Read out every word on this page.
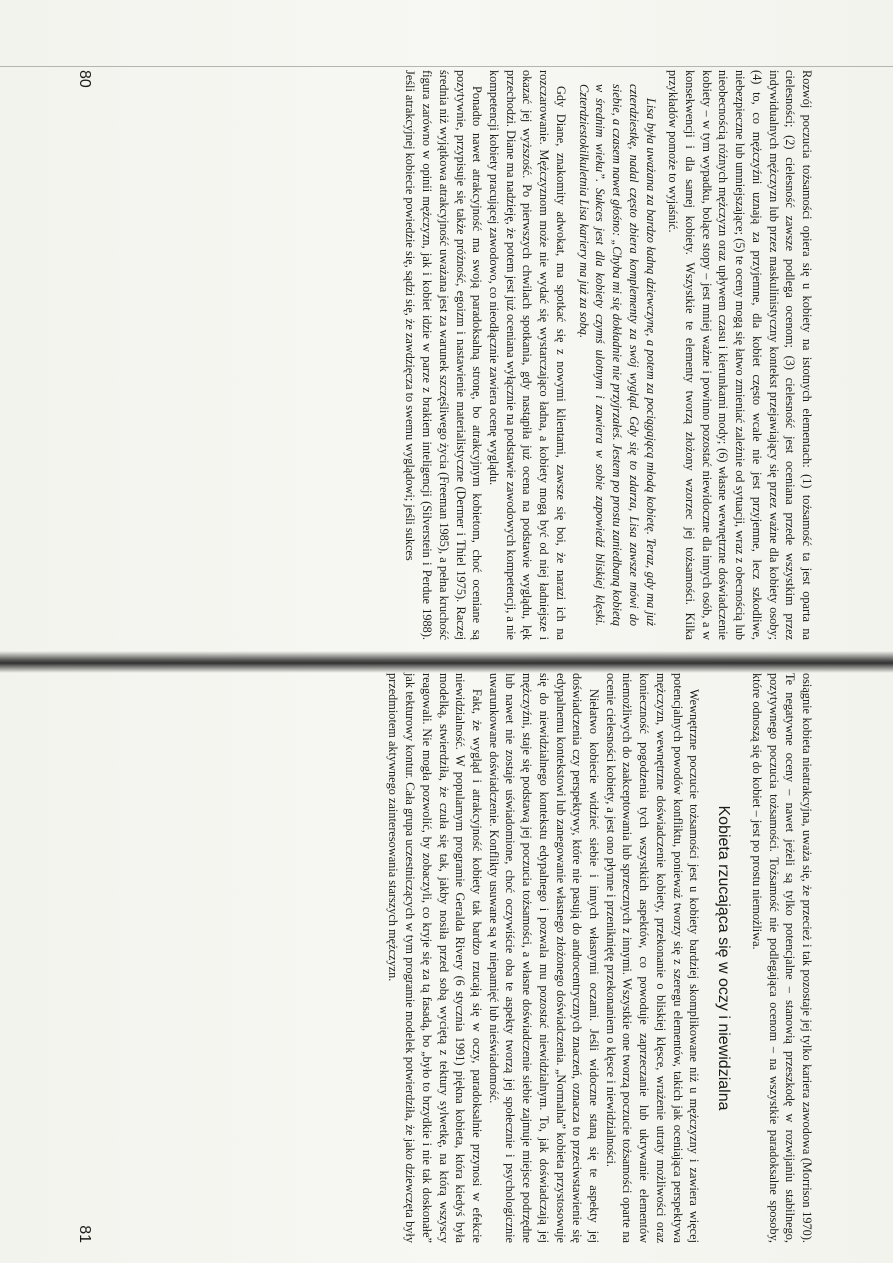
Rozwój poczucia tożsamości opiera się u kobiety na istotnych elementach: (1) tożsamość ta jest oparta na cielesności; (2) cielesność zawsze podlega ocenom; (3) cielesność jest oceniana przede wszystkim przez indywidualnych mężczyzn lub przez maskulinistyczny kontekst przejawiający się przez ważne dla kobiety osoby; (4) to, co mężczyźni uznają za przyjemne, dla kobiet często wcale nie jest przyjemne, lecz szkodliwe, niebezpieczne lub umniejszające; (5) te oceny mogą się łatwo zmieniać zależnie od sytuacji, wraz z obecnością lub nieobecnością różnych mężczyzn oraz upływem czasu i kierunkami mody; (6) własne wewnętrzne doświadczenie kobiety – w tym wypadku, bolące stopy – jest mniej ważne i powinno pozostać niewidoczne dla innych osób, a w konsekwencji i dla samej kobiety. Wszystkie te elementy tworzą złożony wzorzec jej tożsamości. Kilka przykładów pomoże to wyjaśnić.

Lisa była uważana za bardzo ładną dziewczynę, a potem za pociągającą młodą kobietę. Teraz, gdy ma już czterdziestkę, nadal często zbiera komplementy za swój wygląd. Gdy się to zdarza, Lisa zawsze mówi do siebie, a czasem nawet głośno: „Chyba mi się dokładnie nie przyjrzałeś. Jestem po prostu zaniedbaną kobietą w średnim wieku”. Sukces jest dla kobiety czymś ulotnym i zawiera w sobie zapowiedź bliskiej klęski. Czterdziestokilkuletnia Lisa kariery ma już za sobą.

Gdy Diane, znakomity adwokat, ma spotkać się z nowymi klientami, zawsze się boi, że narazi ich na rozczarowanie. Mężczyznom może nie wydać się wystarczająco ładna, a kobiety mogą być od niej ładniejsze i okazać jej wyższość. Po pierwszych chwilach spotkania, gdy nastąpiła już ocena na podstawie wyglądu, lęk przechodzi. Diane ma nadzieję, że potem jest już oceniana wyłącznie na podstawie zawodowych kompetencji, a nie kompetencji kobiety pracującej zawodowo, co nieodłącznie zawiera ocenę wyglądu.

Ponadto nawet atrakcyjność ma swoją paradoksalną stronę, bo atrakcyjnym kobietom, choć oceniane są pozytywnie, przypisuje się także próżność, egoizm i nastawienie materialistyczne (Dermer i Thiel 1975). Raczej średnia niż wyjątkowa atrakcyjność uważana jest za warunek szczęśliwego życia (Freeman 1985), a pełna kruchość figura zarówno w opinii mężczyzn, jak i kobiet idzie w parze z brakiem inteligencji (Silverstein i Perdue 1988). Jeśli atrakcyjnej kobiecie powiedzie się, sądzi się, że zawdzięcza to swemu wyglądowi; jeśli sukces

80

osiągnie kobieta nieatrakcyjna, uważa się, że przecież i tak pozostaje jej tylko kariera zawodowa (Morrison 1970). Te negatywne oceny – nawet jeżeli są tylko potencjalne – stanowią przeszkodę w rozwijaniu stabilnego, pozytywnego poczucia tożsamości. Tożsamość nie podlegająca ocenom – na wszystkie paradoksalne sposoby, które odnoszą się do kobiet – jest po prostu niemożliwa.

Kobieta rzucająca się w oczy i niewidzialna

Wewnętrzne poczucie tożsamości jest u kobiety bardziej skomplikowane niż u mężczyzny i zawiera więcej potencjalnych powodów konfliktu, ponieważ tworzy się z szeregu elementów, takich jak oceniająca perspektywa mężczyzn, wewnętrzne doświadczenie kobiety, przekonanie o bliskiej klęsce, wrażenie utraty możliwości oraz konieczność pogodzenia tych wszystkich aspektów, co powoduje zaprzeczanie lub ukrywanie elementów niemożliwych do zaakceptowania lub sprzecznych z innymi. Wszystkie one tworzą poczucie tożsamości oparte na ocenie cielesności kobiety, a jest ono płynne i przenikniętę przekonaniem o klęsce i niewidzialności.

Niełatwo kobiecie widzieć siebie i innych własnymi oczami. Jeśli widoczne staną się te aspekty jej doświadczenia czy perspektywy, które nie pasują do androcentrycznych znaczeń, oznacza to przeciwstawienie się edypalnemu kontekstowi lub zanegowanie własnego złożonego doświadczenia. „Normalna” kobieta przystosowuje się do niewidzialnego kontekstu edypalnego i pozwala mu pozostać niewidzialnym. To, jak doświadczają jej mężczyźni, staje się podstawą jej poczucia tożsamości, a własne doświadczenie siebie zajmuje miejsce podrzędne lub nawet nie zostaje uświadomione, choć oczywiście oba te aspekty tworzą jej społecznie i psychologicznie uwarunkowane doświadczenie. Konflikty usuwane są w niepamięć lub nieświadomość.

Fakt, że wygląd i atrakcyjność kobiety tak bardzo rzucają się w oczy, paradoksalnie przynosi w efekcie niewidzialność. W popularnym programie Geralda Rivery (6 stycznia 1991) piękna kobieta, która kiedyś była modelką, stwierdziła, że czuła się tak, jakby nosiła przed sobą wyciętą z tektury sylwetkę, na którą wszyscy reagowali. Nie mogła pozwolić, by zobaczyli, co kryje się za tą fasadą, bo „było to brzydkie i nie tak doskonałe” jak tekturowy kontur. Cała grupa uczestniczących w tym programie modelek potwierdziła, że jako dziewczęta były przedmiotem aktywnego zainteresowania starszych mężczyzn.

81
